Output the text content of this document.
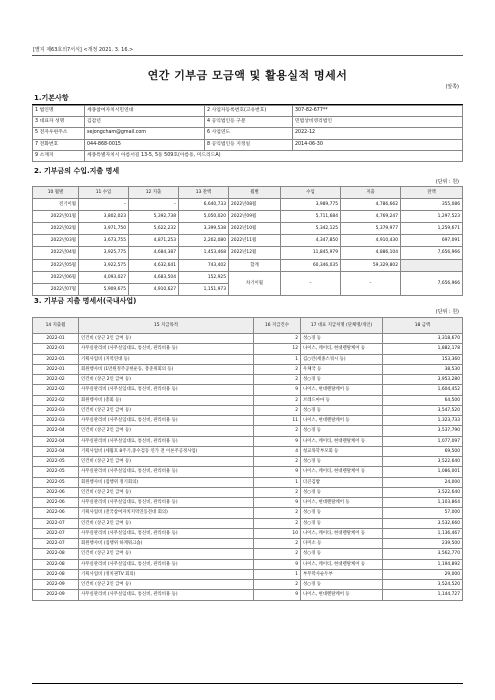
[별지 제63호의7서식] <개정 2021. 3. 16.>
연간 기부금 모금액 및 활용실적 명세서
(앞쪽)
1.기본사항
1 법인명	세종참여자치시민연대	2 사업자등록번호(고유번호)	307-82-677**
3 대표자 성명	김갑년	4 공익법인등 구분	민법상비영리법인
5 전자우편주소	sejongcham@gmail.com	6 사업연도	2022-12
7 전화번호	044-868-0015	8 공익법인등 지정일	2014-06-30
9 소재지	세종특별자치시 아름서길 13-5, 5동 509호(아름동, 미드리드A)		
2. 기부금의 수입.지출 명세
(단위 : 원)
10 월별	11 수입	12 지출	13 잔액	월별	수입	지출	잔액
전기이월	–	–	6,640,733	2022년08월	3,989,775	4,786,662	355,086
2022년01월	3,802,023	5,392,738	5,050,020	2022년09월	5,711,684	4,769,247	1,297,523
2022년02월	3,971,750	5,622,232	3,399,538	2022년10월	5,342,125	5,379,977	1,259,671
2022년03월	3,673,755	4,871,253	2,202,080	2022년11월	4,347,850	4,910,430	697,091
2022년04월	3,925,775	4,684,387	1,453,468	2022년12월	11,845,979	4,886,104	7,656,966
2022년05월	3,922,575	4,632,641	743,402	합계	60,346,035	59,329,802	
2022년06월	4,093,027	4,683,504	152,925	차기이월	–	–	7,656,966
2022년07월	5,909,675	4,910,627	1,151,973				
3. 기부금 지출 명세서(국내사업)
(단위 : 원)
14 지출월	15 지급목적	16 지급건수	17 대표 지급처명 (단체명/개인)	18 금액
2022-01	인건비 (상근 2인 급여 등)	2	성○경 등	3,318,670
2022-01	사무실관리비 (사무실임대료, 통신비, 관리비용 등)	12	나이스, 케이티, 현대렌탈케어 등	1,882,178
2022-01	기획사업비 (지역연대 등)	1	김○린(세종스쿼시 등)	153,360
2022-01	회원행사비 (1만원정주공헌운동, 총준위회의 등)	2	우체국 등	38,530
2022-02	인건비 (상근 2인 급여 등)	2	성○경 등	3,953,280
2022-02	사무실관리비 (사무실임대료, 통신비, 관리비용 등)	9	나이스, 현대렌탈케어 등	1,604,452
2022-02	회원행사비 (총회 등)	2	브레드마마 등	64,500
2022-03	인건비 (상근 2인 급여 등)	2	성○경 등	3,547,520
2022-03	사무실관리비 (사무실임대료, 통신비, 관리비용 등)	11	나이스, 현대렌탈케어 등	1,323,733
2022-04	인건비 (상근 2인 급여 등)	2	성○경 등	3,537,790
2022-04	사무실관리비 (사무실임대료, 통신비, 관리비용 등)	9	나이스, 케이티, 현대렌탈케어 등	1,077,097
2022-04	기획사업비 (세월호 8주기,중수검동 연가 전 이론주공정사업)	4	청교목학부모회 등	69,500
2022-05	인건비 (상근 2인 급여 등)	2	성○경 등	3,522,640
2022-05	사무실관리비 (사무실임대료, 통신비, 관리비용 등)	9	나이스, 케이티, 현대렌탈케어 등	1,086,001
2022-05	회원행사비 (집행위 정기회의)	1	더큰김밥	24,000
2022-06	인건비 (상근 2인 급여 등)	2	성○경 등	3,522,640
2022-06	사무실관리비 (사무실임대료, 통신비, 관리비용 등)	9	나이스, 현대렌탈케어 등	1,103,864
2022-06	기획사업비 (전국참여자치지역연동전대 회의)	2	성○경 등	57,000
2022-07	인건비 (상근 2인 급여 등)	2	성○경 등	3,532,660
2022-07	사무실관리비 (사무실임대료, 통신비, 관리비용 등)	10	나이스, 케이티, 현대렌탈케어 등	1,136,467
2022-07	회원행사비 (집행위 하계워크숍)	2	다미소 등	239,500
2022-08	인건비 (상근 2인 급여 등)	2	성○경 등	3,562,770
2022-08	사무실관리비 (사무실임대료, 통신비, 관리비용 등)	9	나이스, 케이티, 현대렌탈케어 등	1,194,892
2022-08	기획사업비 (정치권TV 회의)	1	부무막사순두부	29,000
2022-09	인건비 (상근 2인 급여 등)	2	성○경 등	3,524,520
2022-09	사무실관리비 (사무실임대료, 통신비, 관리비용 등)	9	나이스, 현대렌탈케어 등	1,144,727
